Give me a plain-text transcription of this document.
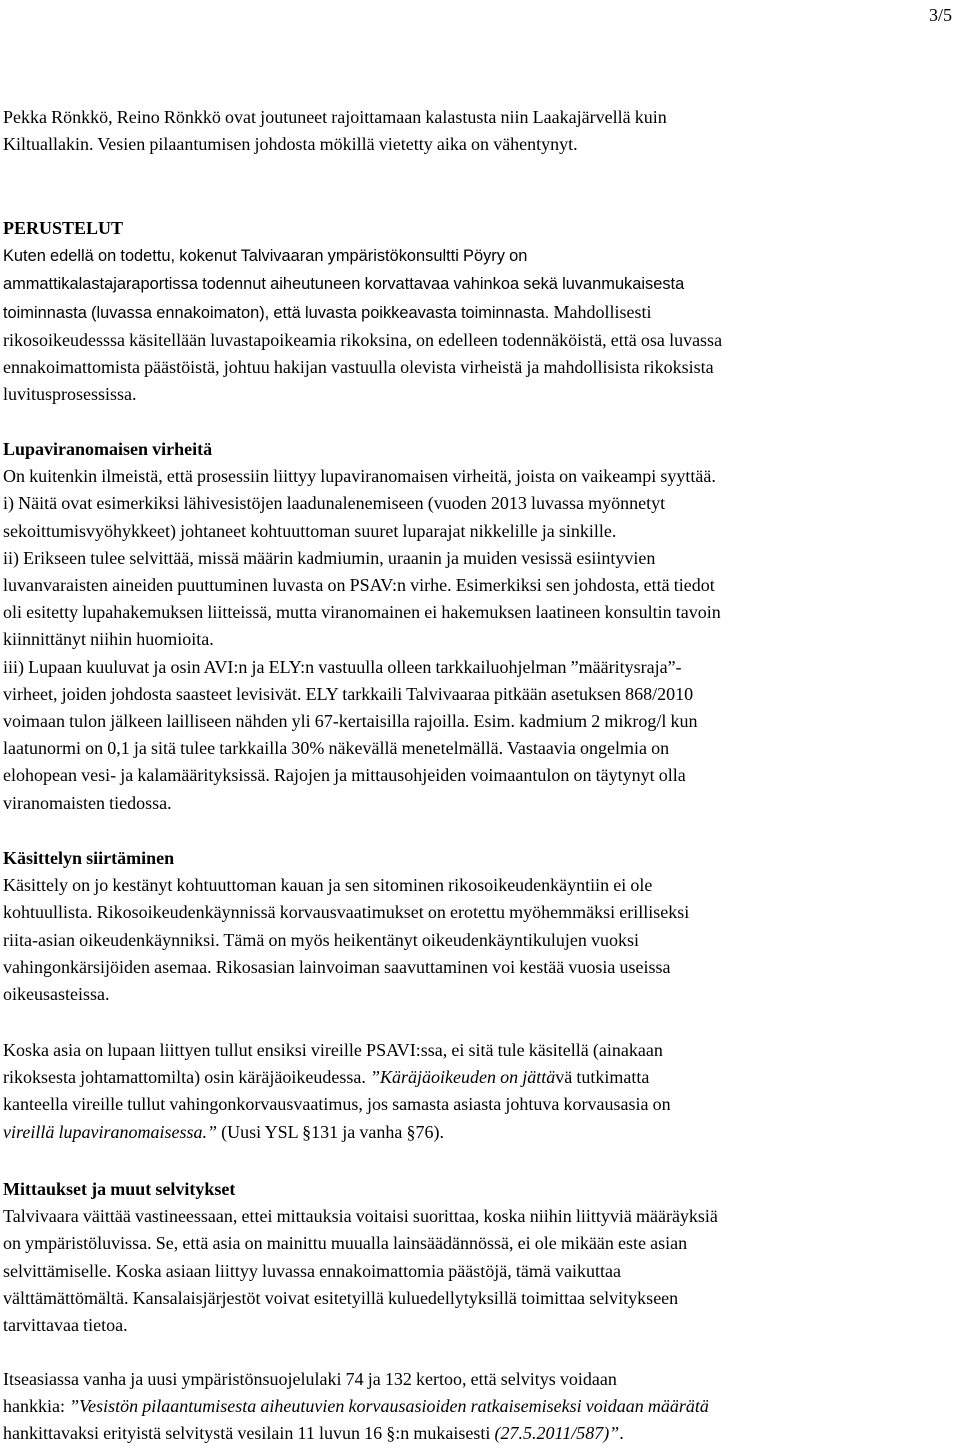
3/5

Pekka Rönkkö, Reino Rönkkö ovat joutuneet rajoittamaan kalastusta niin Laakajärvellä kuin
Kiltuallakin. Vesien pilaantumisen johdosta mökillä vietetty aika on vähentynyt.

PERUSTELUT
Kuten edellä on todettu, kokenut Talvivaaran ympäristökonsultti Pöyry on
ammattikalastajaraportissa todennut aiheutuneen korvattavaa vahinkoa sekä luvanmukaisesta
toiminnasta (luvassa ennakoimaton), että luvasta poikkeavasta toiminnasta. Mahdollisesti
rikosoikeudesssa käsitellään luvastapoikeamia rikoksina, on edelleen todennäköistä, että osa luvassa
ennakoimattomista päästöistä, johtuu hakijan vastuulla olevista virheistä ja mahdollisista rikoksista
luvitusprosessissa.

Lupaviranomaisen virheitä
On kuitenkin ilmeistä, että prosessiin liittyy lupaviranomaisen virheitä, joista on vaikeampi syyttää.
i) Näitä ovat esimerkiksi lähivesistöjen laadunalenemiseen (vuoden 2013 luvassa myönnetyt
sekoittumisvyöhykkeet) johtaneet kohtuuttoman suuret luparajat nikkelille ja sinkille.
ii) Erikseen tulee selvittää, missä määrin kadmiumin, uraanin ja muiden vesissä esiintyvien
luvanvaraisten aineiden puuttuminen luvasta on PSAV:n virhe. Esimerkiksi sen johdosta, että tiedot
oli esitetty lupahakemuksen liitteissä, mutta viranomainen ei hakemuksen laatineen konsultin tavoin
kiinnittänyt niihin huomioita.
iii) Lupaan kuuluvat ja osin AVI:n ja ELY:n vastuulla olleen tarkkailuohjelman ”määritysraja”-
virheet, joiden johdosta saasteet levisivät. ELY tarkkaili Talvivaaraa pitkään asetuksen 868/2010
voimaan tulon jälkeen lailliseen nähden yli 67-kertaisilla rajoilla. Esim. kadmium 2 mikrog/l kun
laatunormi on 0,1 ja sitä tulee tarkkailla 30% näkevällä menetelmällä. Vastaavia ongelmia on
elohopean vesi- ja kalamäärityksissä. Rajojen ja mittausohjeiden voimaantulon on täytynyt olla
viranomaisten tiedossa.

Käsittelyn siirtäminen
Käsittely on jo kestänyt kohtuuttoman kauan ja sen sitominen rikosoikeudenkäyntiin ei ole
kohtuullista. Rikosoikeudenkäynnissä korvausvaatimukset on erotettu myöhemmäksi erilliseksi
riita-asian oikeudenkäynniksi. Tämä on myös heikentänyt oikeudenkäyntikulujen vuoksi
vahingonkärsijöiden asemaa. Rikosasian lainvoiman saavuttaminen voi kestää vuosia useissa
oikeusasteissa.

Koska asia on lupaan liittyen tullut ensiksi vireille PSAVI:ssa, ei sitä tule käsitellä (ainakaan
rikoksesta johtamattomilta) osin käräjäoikeudessa. ”Käräjäoikeuden on jättävä tutkimatta
kanteella vireille tullut vahingonkorvausvaatimus, jos samasta asiasta johtuva korvausasia on
vireillä lupaviranomaisessa.” (Uusi YSL §131 ja vanha §76).

Mittaukset ja muut selvitykset
Talvivaara väittää vastineessaan, ettei mittauksia voitaisi suorittaa, koska niihin liittyviä määräyksiä
on ympäristöluvissa. Se, että asia on mainittu muualla lainsäädännössä, ei ole mikään este asian
selvittämiselle. Koska asiaan liittyy luvassa ennakoimattomia päästöjä, tämä vaikuttaa
välttämättömältä. Kansalaisjärjestöt voivat esitetyillä kuluedellytyksillä toimittaa selvitykseen
tarvittavaa tietoa.

Itseasiassa vanha ja uusi ympäristönsuojelulaki 74 ja 132 kertoo, että selvitys voidaan
hankkia: ”Vesistön pilaantumisesta aiheutuvien korvausasioiden ratkaisemiseksi voidaan määrätä
hankittavaksi erityistä selvitystä vesilain 11 luvun 16 §:n mukaisesti (27.5.2011/587)”.
